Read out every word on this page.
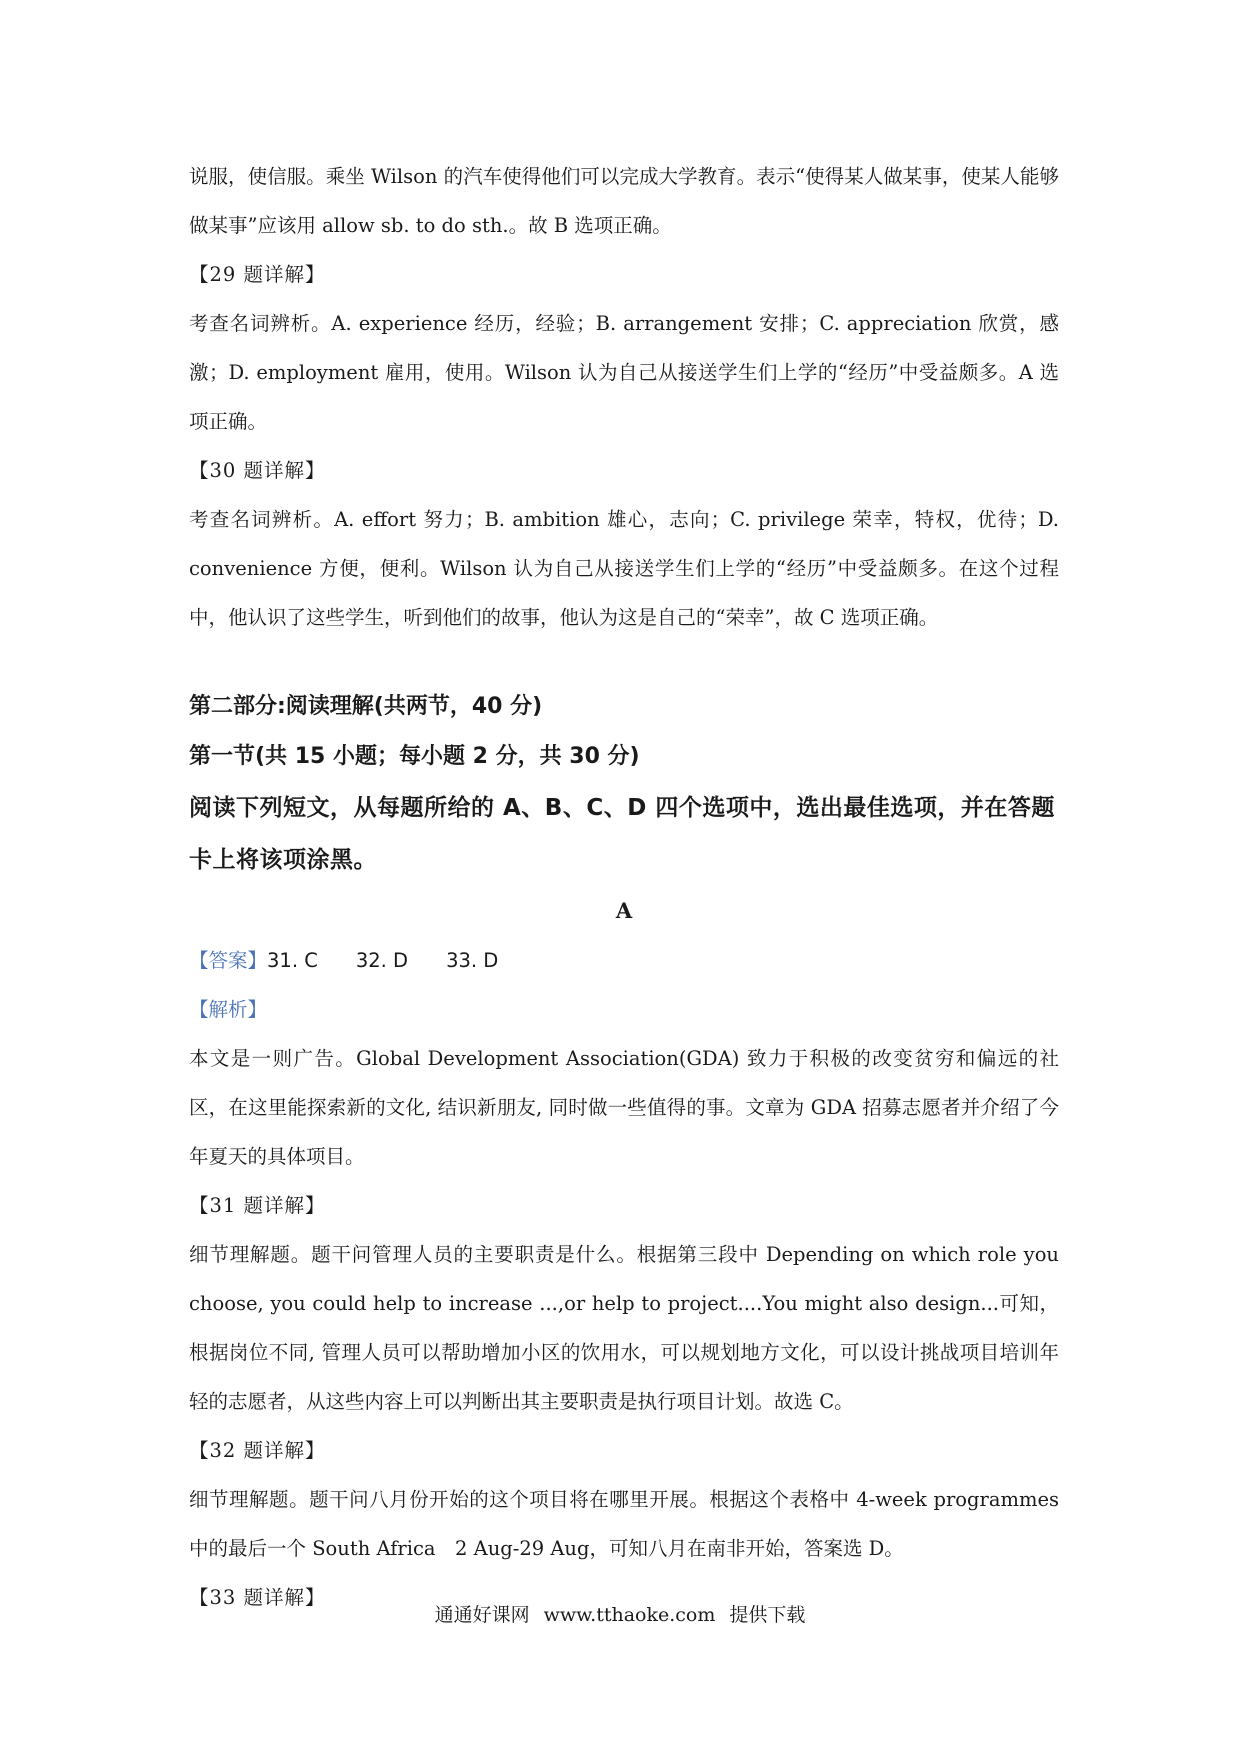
说服，使信服。乘坐 Wilson 的汽车使得他们可以完成大学教育。表示“使得某人做某事，使某人能够做某事”应该用 allow sb. to do sth.。故 B 选项正确。

【29 题详解】

考查名词辨析。A. experience 经历，经验；B. arrangement 安排；C. appreciation 欣赏，感激；D. employment 雇用，使用。Wilson 认为自己从接送学生们上学的“经历”中受益颇多。A 选项正确。

【30 题详解】

考查名词辨析。A. effort 努力；B. ambition 雄心，志向；C. privilege 荣幸，特权，优待；D. convenience 方便，便利。Wilson 认为自己从接送学生们上学的“经历”中受益颇多。在这个过程中，他认识了这些学生，听到他们的故事，他认为这是自己的“荣幸”，故 C 选项正确。

第二部分:阅读理解(共两节，40 分)

第一节(共 15 小题；每小题 2 分，共 30 分)

阅读下列短文，从每题所给的 A、B、C、D 四个选项中，选出最佳选项，并在答题卡上将该项涂黑。

A

【答案】31. C 32. D 33. D

【解析】

本文是一则广告。Global Development Association(GDA) 致力于积极的改变贫穷和偏远的社区，在这里能探索新的文化, 结识新朋友, 同时做一些值得的事。文章为 GDA 招募志愿者并介绍了今年夏天的具体项目。

【31 题详解】

细节理解题。题干问管理人员的主要职责是什么。根据第三段中 Depending on which role you choose, you could help to increase ...,or help to project....You might also design...可知，根据岗位不同, 管理人员可以帮助增加小区的饮用水，可以规划地方文化，可以设计挑战项目培训年轻的志愿者，从这些内容上可以判断出其主要职责是执行项目计划。故选 C。

【32 题详解】

细节理解题。题干问八月份开始的这个项目将在哪里开展。根据这个表格中 4-week programmes 中的最后一个 South Africa　2 Aug-29 Aug，可知八月在南非开始，答案选 D。

【33 题详解】

通通好课网 www.tthaoke.com 提供下载
